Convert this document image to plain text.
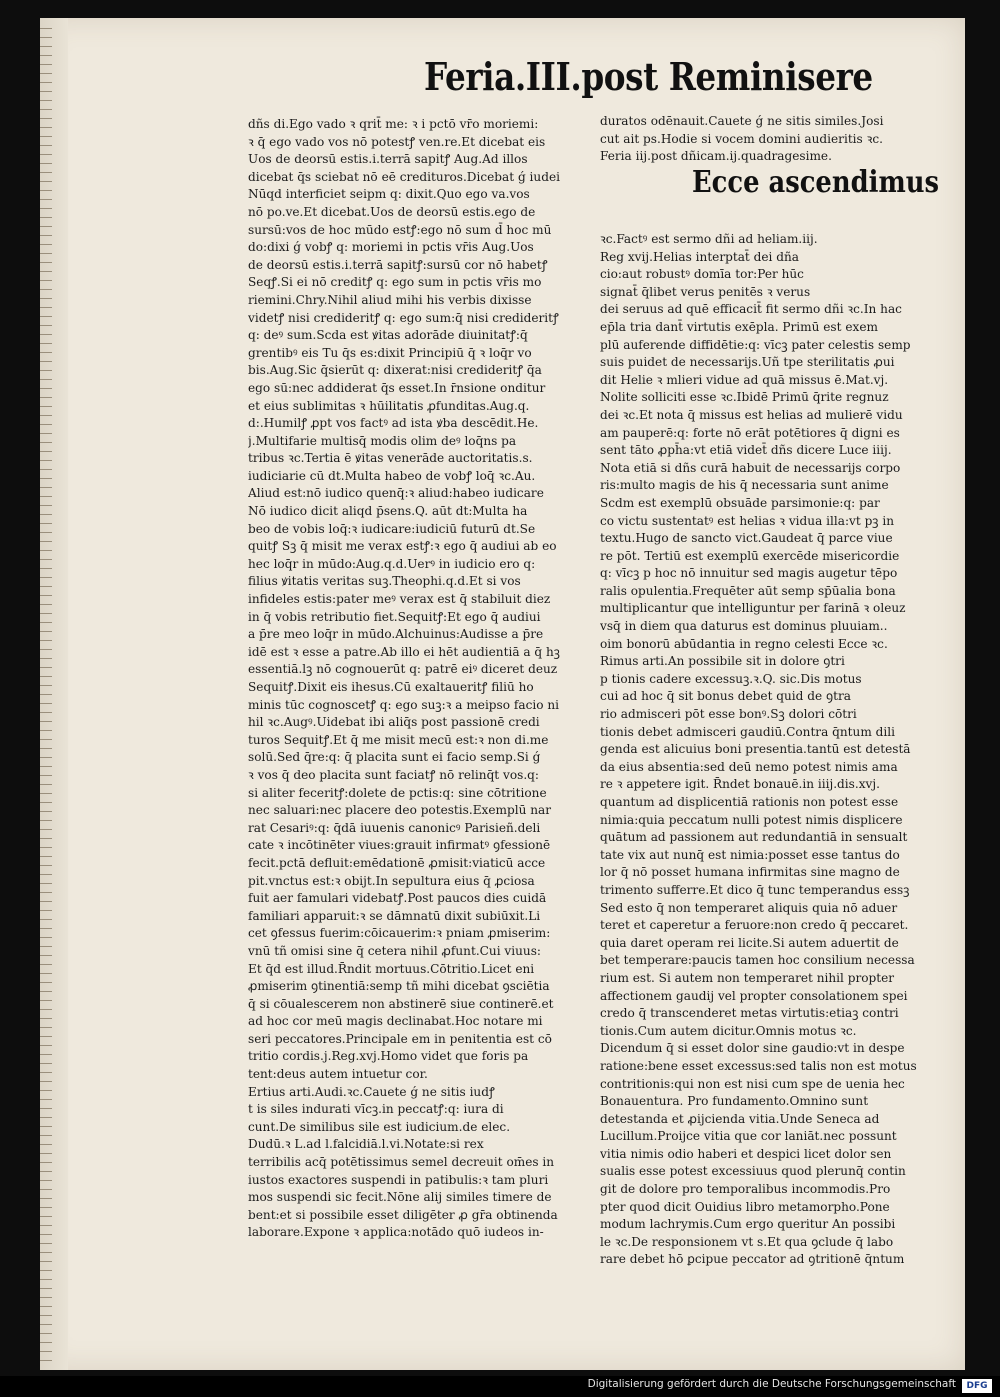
Feria.III.post Reminisere
dñs di.Ego vado ꝛ qrit̄ me: ꝛ i pctō vr̄o moriemi:
ꝛ q̄ ego vado vos nō potestꝭ ven.re.Et dicebat eis
Uos de deorsū estis.i.terrā sapitꝭ Aug.Ad illos
dicebat q̄s sciebat nō eē credituros.Dicebat ǵ iudei
Nūqd interficiet seipm q: dixit.Quo ego va.vos
nō po.ve.Et dicebat.Uos de deorsū estis.ego de
sursū:vos de hoc mūdo estꝭ:ego nō sum d̄ hoc mū
do:dixi ǵ vobꝭ q: moriemi in pctis vr̄is Aug.Uos
de deorsū estis.i.terrā sapitꝭ:sursū cor nō habetꝭ
Seqꝭ.Si ei nō creditꝭ q: ego sum in pctis vr̄is mo
riemini.Chry.Nihil aliud mihi his verbis dixisse
videtꝭ nisi credideritꝭ q: ego sum:q̄ nisi credideritꝭ
q: deꝰ sum.Scda est ꝟitas adorāde diuinitatꝭ:q̄
grentibꝰ eis Tu q̄s es:dixit Principiū q̄ ꝛ loq̄r vo
bis.Aug.Sic q̄sierūt q: dixerat:nisi credideritꝭ q̄a
ego sū:nec addiderat q̄s esset.In r̄nsione onditur
et eius sublimitas ꝛ hūilitatis ꝓfunditas.Aug.q.
d:.Humilꝭ ꝓpt vos factꝰ ad ista ꝟba descēdit.He.
j.Multifarie multisq̄ modis olim deꝰ loq̄ns pa
tribus ꝛc.Tertia ē ꝟitas venerāde auctoritatis.s.
iudiciarie cū dt.Multa habeo de vobꝭ loq̄ ꝛc.Au.
Aliud est:nō iudico quenq̄:ꝛ aliud:habeo iudicare
Nō iudico dicit aliqd p̄sens.Q. aūt dt:Multa ha
beo de vobis loq̄:ꝛ iudicare:iudiciū futurū dt.Se
quitꝭ Sꝫ q̄ misit me verax estꝭ:ꝛ ego q̄ audiui ab eo
hec loq̄r in mūdo:Aug.q.d.Uerꝰ in iudicio ero q:
filius ꝟitatis veritas suꝫ.Theophi.q.d.Et si vos
infideles estis:pater meꝰ verax est q̄ stabiluit diez
in q̄ vobis retributio fiet.Sequitꝭ:Et ego q̄ audiui
a p̄re meo loq̄r in mūdo.Alchuinus:Audisse a p̄re
idē est ꝛ esse a patre.Ab illo ei hēt audientiā a q̄ hꝫ
essentiā.lꝫ nō cognouerūt q: patrē eiꝰ diceret deuz
Sequitꝭ.Dixit eis ihesus.Cū exaltaueritꝭ filiū ho
minis tūc cognoscetꝭ q: ego suꝫ:ꝛ a meipso facio ni
hil ꝛc.Augꝰ.Uidebat ibi aliq̄s post passionē credi
turos Sequitꝭ.Et q̄ me misit mecū est:ꝛ non di.me
solū.Sed q̄re:q: q̄ placita sunt ei facio semp.Si ǵ
ꝛ vos q̄ deo placita sunt faciatꝭ nō relinq̄t vos.q:
si aliter feceritꝭ:dolete de pctis:q: sine cōtritione
nec saluari:nec placere deo potestis.Exemplū nar
rat Cesariꝰ:q: q̄dā iuuenis canonicꝰ Parisieñ.deli
cate ꝛ incōtinēter viues:grauit infirmatꝰ ꝯfessionē
fecit.pctā defluit:emēdationē ꝓmisit:viaticū acce
pit.vnctus est:ꝛ obijt.In sepultura eius q̄ ꝓciosa
fuit aer famulari videbatꝭ.Post paucos dies cuidā
familiari apparuit:ꝛ se dāmnatū dixit subiūxit.Li
cet ꝯfessus fuerim:cōicauerim:ꝛ pniam ꝓmiserim:
vnū tñ omisi sine q̄ cetera nihil ꝓfunt.Cui viuus:
Et q̄d est illud.R̄ndit mortuus.Cōtritio.Licet eni
ꝓmiserim ꝯtinentiā:semp tñ mihi dicebat ꝯsciētia
q̄ si cōualescerem non abstinerē siue continerē.et
ad hoc cor meū magis declinabat.Hoc notare mi
seri peccatores.Principale em in penitentia est cō
tritio cordis.j.Reg.xvj.Homo videt que foris pa
tent:deus autem intuetur cor.
Ertius arti.Audi.ꝛc.Cauete ǵ ne sitis iudꝭ
t is siles indurati vīcꝫ.in peccatꝭ:q: iura di
cunt.De similibus sile est iudicium.de elec.
Dudū.ꝛ L.ad l.falcidiā.l.vi.Notate:si rex
terribilis acq̄ potētissimus semel decreuit om̄es in
iustos exactores suspendi in patibulis:ꝛ tam pluri
mos suspendi sic fecit.Nōne alij similes timere de
bent:et si possibile esset diligēter ꝓ gr̄a obtinenda
laborare.Expone ꝛ applica:notādo quō iudeos in-
duratos odēnauit.Cauete ǵ ne sitis similes.Josi
cut ait ps.Hodie si vocem domini audieritis ꝛc.
Feria iij.post dñicam.ij.quadragesime.
Ecce ascendimus
ꝛc.Factꝰ est sermo dñi ad heliam.iij.
Reg xvij.Helias interptat̄ dei dña
cio:aut robustꝰ domīa tor:Per hūc
signat̄ q̄libet verus penitēs ꝛ verus
dei seruus ad quē efficacit̄ fit sermo dñi ꝛc.In hac
ep̄la tria dant̄ virtutis exēpla. Primū est exem
plū auferende diffidētie:q: vīcꝫ pater celestis semp
suis puidet de necessarijs.Uñ tpe sterilitatis ꝓui
dit Helie ꝛ mlieri vidue ad quā missus ē.Mat.vj.
Nolite solliciti esse ꝛc.Ibidē Primū q̄rite regnuz
dei ꝛc.Et nota q̄ missus est helias ad mulierē vidu
am pauperē:q: forte nō erāt potētiores q̄ digni es
sent tāto ꝓph̄a:vt etiā videt̄ dñs dicere Luce iiij.
Nota etiā si dñs curā habuit de necessarijs corpo
ris:multo magis de his q̄ necessaria sunt anime
Scdm est exemplū obsuāde parsimonie:q: par
co victu sustentatꝰ est helias ꝛ vidua illa:vt pꝫ in
textu.Hugo de sancto vict.Gaudeat q̄ parce viue
re pōt. Tertiū est exemplū exercēde misericordie
q: vīcꝫ p hoc nō innuitur sed magis augetur tēpo
ralis opulentia.Frequēter aūt semp sp̄ūalia bona
multiplicantur que intelliguntur per farinā ꝛ oleuz
vsq̄ in diem qua daturus est dominus pluuiam..
oim bonorū abūdantia in regno celesti Ecce ꝛc.
Rimus arti.An possibile sit in dolore ꝯtri
p tionis cadere excessuꝫ.ꝛ.Q. sic.Dis motus
cui ad hoc q̄ sit bonus debet quid de ꝯtra
rio admisceri pōt esse bonꝰ.Sꝫ dolori cōtri
tionis debet admisceri gaudiū.Contra q̄ntum dili
genda est alicuius boni presentia.tantū est detestā
da eius absentia:sed deū nemo potest nimis ama
re ꝛ appetere igit. R̄ndet bonauē.in iiij.dis.xvj.
quantum ad displicentiā rationis non potest esse
nimia:quia peccatum nulli potest nimis displicere
quātum ad passionem aut redundantiā in sensualt
tate vix aut nunq̄ est nimia:posset esse tantus do
lor q̄ nō posset humana infirmitas sine magno de
trimento sufferre.Et dico q̄ tunc temperandus essꝫ
Sed esto q̄ non temperaret aliquis quia nō aduer
teret et caperetur a feruore:non credo q̄ peccaret.
quia daret operam rei licite.Si autem aduertit de
bet temperare:paucis tamen hoc consilium necessa
rium est. Si autem non temperaret nihil propter
affectionem gaudij vel propter consolationem spei
credo q̄ transcenderet metas virtutis:etiaꝫ contri
tionis.Cum autem dicitur.Omnis motus ꝛc.
Dicendum q̄ si esset dolor sine gaudio:vt in despe
ratione:bene esset excessus:sed talis non est motus
contritionis:qui non est nisi cum spe de uenia hec
Bonauentura. Pro fundamento.Omnino sunt
detestanda et ꝓijcienda vitia.Unde Seneca ad
Lucillum.Proijce vitia que cor laniāt.nec possunt
vitia nimis odio haberi et despici licet dolor sen
sualis esse potest excessiuus quod plerunq̄ contin
git de dolore pro temporalibus incommodis.Pro
pter quod dicit Ouidius libro metamorpho.Pone
modum lachrymis.Cum ergo queritur An possibi
le ꝛc.De responsionem vt s.Et qua ꝯclude q̄ labo
rare debet hō ꝑcipue peccator ad ꝯtritionē q̄ntum
Digitalisierung gefördert durch die Deutsche Forschungsgemeinschaft	DFG
